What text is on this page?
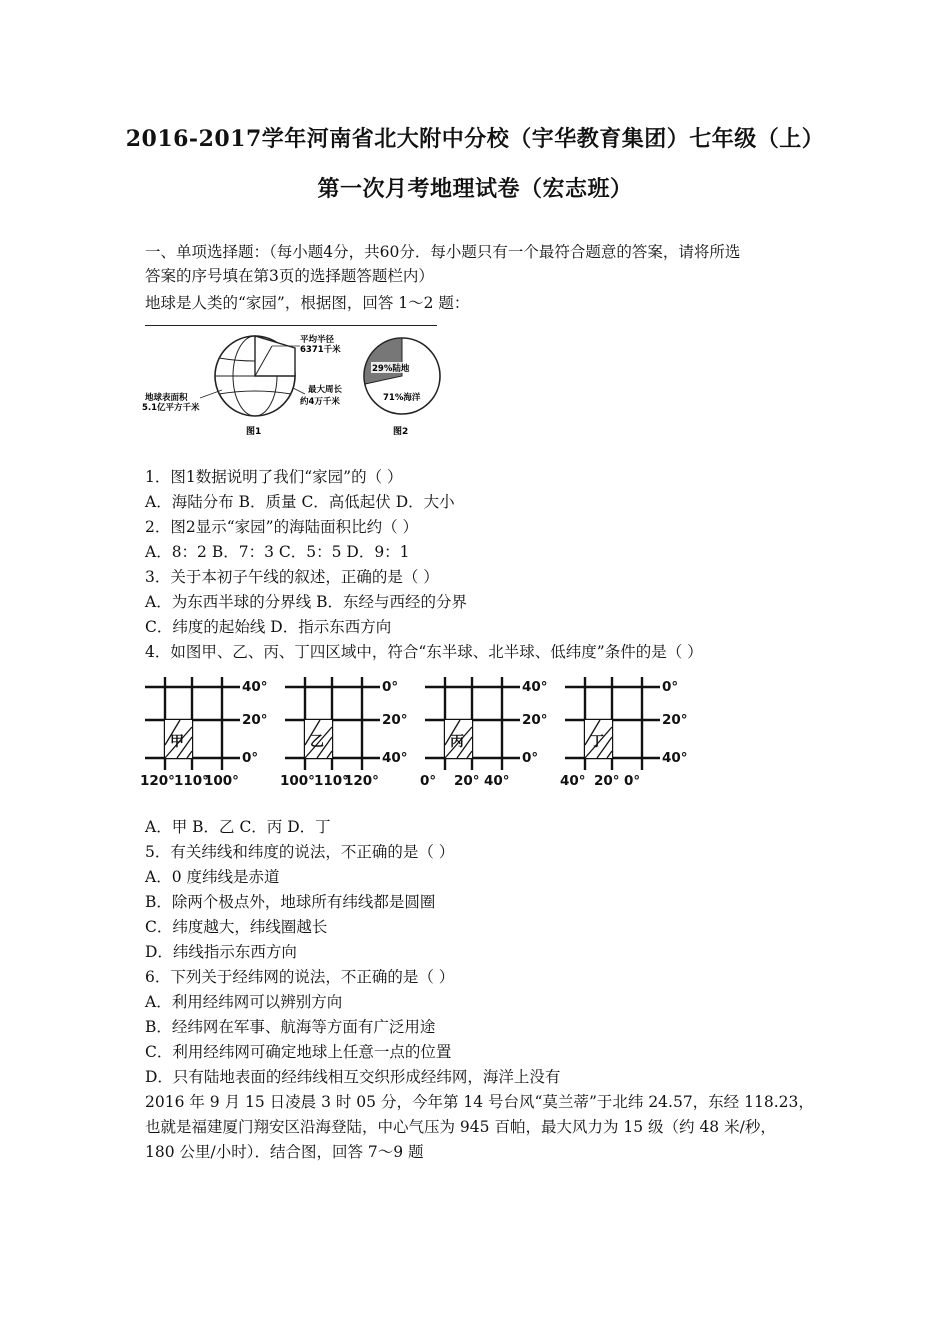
2016-2017学年河南省北大附中分校（宇华教育集团）七年级（上）
第一次月考地理试卷（宏志班）
一、单项选择题：（每小题4分，共60分．每小题只有一个最符合题意的答案，请将所选
答案的序号填在第3页的选择题答题栏内）
地球是人类的“家园”，根据图，回答 1～2 题：
平均半径
6371千米
地球表面积
5.1亿平方千米
最大周长
约4万千米
图1
29%陆地
71%海洋
图2
1．图1数据说明了我们“家园”的（ ）
A．海陆分布 B．质量 C．高低起伏 D．大小
2．图2显示“家园”的海陆面积比约（ ）
A．8：2 B．7：3 C．5：5 D．9：1
3．关于本初子午线的叙述，正确的是（ ）
A．为东西半球的分界线 B．东经与西经的分界
C．纬度的起始线 D．指示东西方向
4．如图甲、乙、丙、丁四区域中，符合“东半球、北半球、低纬度”条件的是（ ）
甲
40°
20°
0°
120° 110°
100°
乙
0°
20°
40°
100° 110°
120°
丙
40°
20°
0°
0° 20° 40°
丁
0°
20°
40°
40° 20° 0°
A．甲 B．乙 C．丙 D．丁
5．有关纬线和纬度的说法，不正确的是（ ）
A．0 度纬线是赤道
B．除两个极点外，地球所有纬线都是圆圈
C．纬度越大，纬线圈越长
D．纬线指示东西方向
6．下列关于经纬网的说法，不正确的是（ ）
A．利用经纬网可以辨别方向
B．经纬网在军事、航海等方面有广泛用途
C．利用经纬网可确定地球上任意一点的位置
D．只有陆地表面的经纬线相互交织形成经纬网，海洋上没有
2016 年 9 月 15 日凌晨 3 时 05 分，今年第 14 号台风“莫兰蒂”于北纬 24.57，东经 118.23，
也就是福建厦门翔安区沿海登陆，中心气压为 945 百帕，最大风力为 15 级（约 48 米/秒，
180 公里/小时）．结合图，回答 7～9 题
